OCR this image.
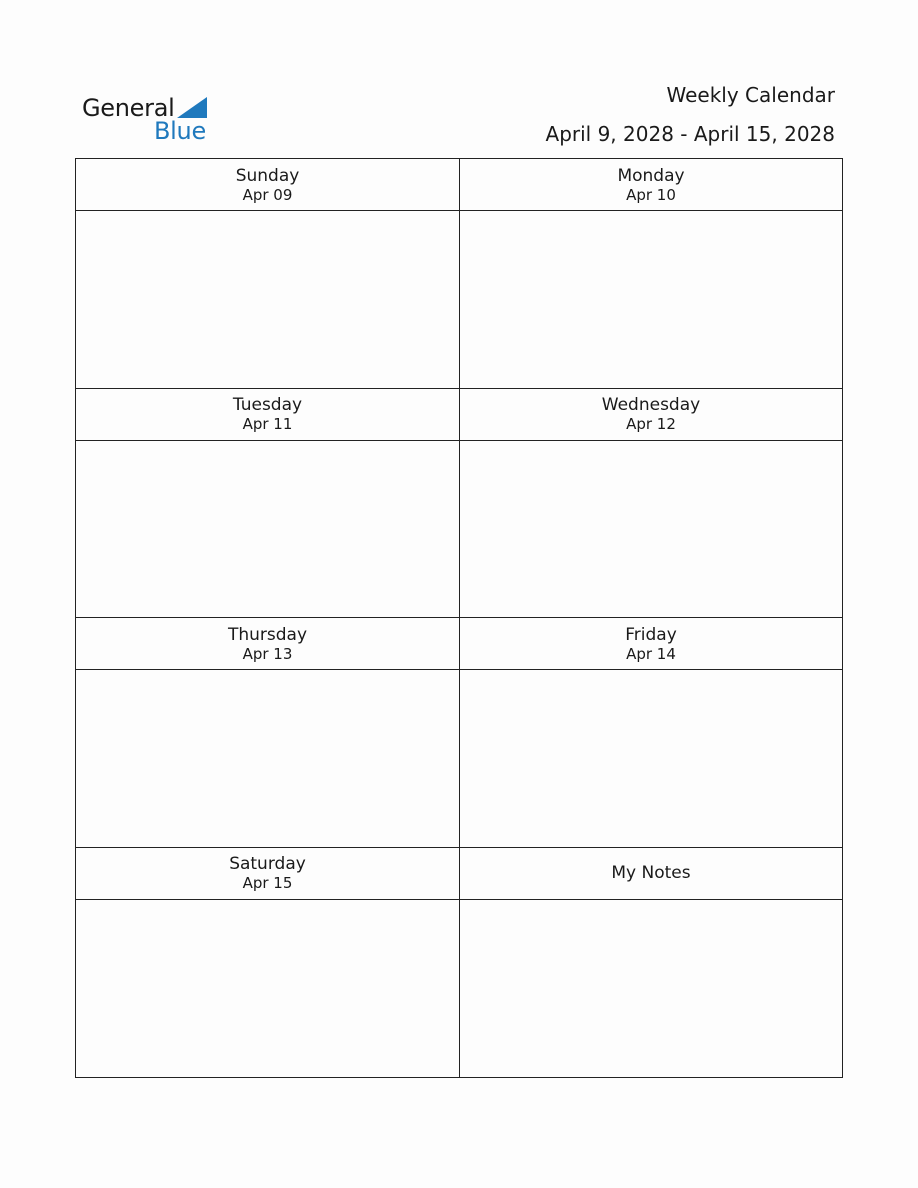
General
Blue
Weekly Calendar
April 9, 2028 - April 15, 2028
Sunday
Apr 09
Monday
Apr 10
Tuesday
Apr 11
Wednesday
Apr 12
Thursday
Apr 13
Friday
Apr 14
Saturday
Apr 15	My Notes
